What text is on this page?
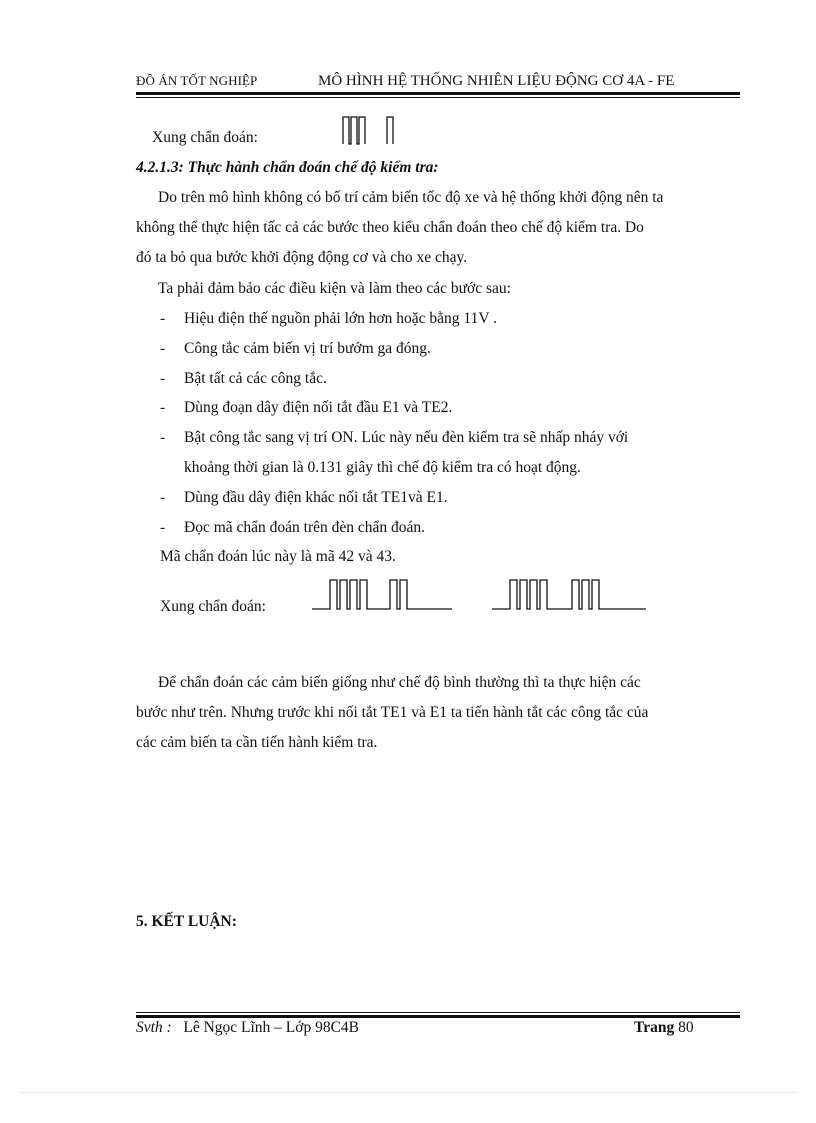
ĐỒ ÁN TỐT NGHIỆP	MÔ HÌNH HỆ THỐNG NHIÊN LIỆU ĐỘNG CƠ 4A - FE
Xung chẩn đoán:
4.2.1.3: Thực hành chẩn đoán chế độ kiểm tra:
Do trên mô hình không có bố trí cảm biến tốc độ xe và hệ thống khởi động nên ta
không thể thực hiện tấc cả các bước theo kiểu chẩn đoán theo chế độ kiểm tra. Do
đó ta bỏ qua bước khởi động động cơ và cho xe chạy.
Ta phải đảm bảo các điều kiện và làm theo các bước sau:
- Hiệu điện thế nguồn phải lớn hơn hoặc bằng 11V .
- Công tắc cảm biến vị trí bướm ga đóng.
- Bật tất cả các công tắc.
- Dùng đoạn dây điện nối tắt đầu E1 và TE2.
- Bật công tắc sang vị trí ON. Lúc này nếu đèn kiểm tra sẽ nhấp nháy với
khoảng thời gian là 0.131 giây thì chế độ kiểm tra có hoạt động.
- Dùng đầu dây điện khác nối tắt TE1và E1.
- Đọc mã chẩn đoán trên đèn chẩn đoán.
Mã chẩn đoán lúc này là mã 42 và 43.
Xung chẩn đoán:
Để chẩn đoán các cảm biến giống như chế độ bình thường thì ta thực hiện các
bước như trên. Nhưng trước khi nối tắt TE1 và E1 ta tiến hành tắt các công tắc của
các cảm biến ta cần tiến hành kiểm tra.
5. KẾT LUẬN:
Svth : Lê Ngọc Lĩnh – Lớp 98C4B	Trang 80
